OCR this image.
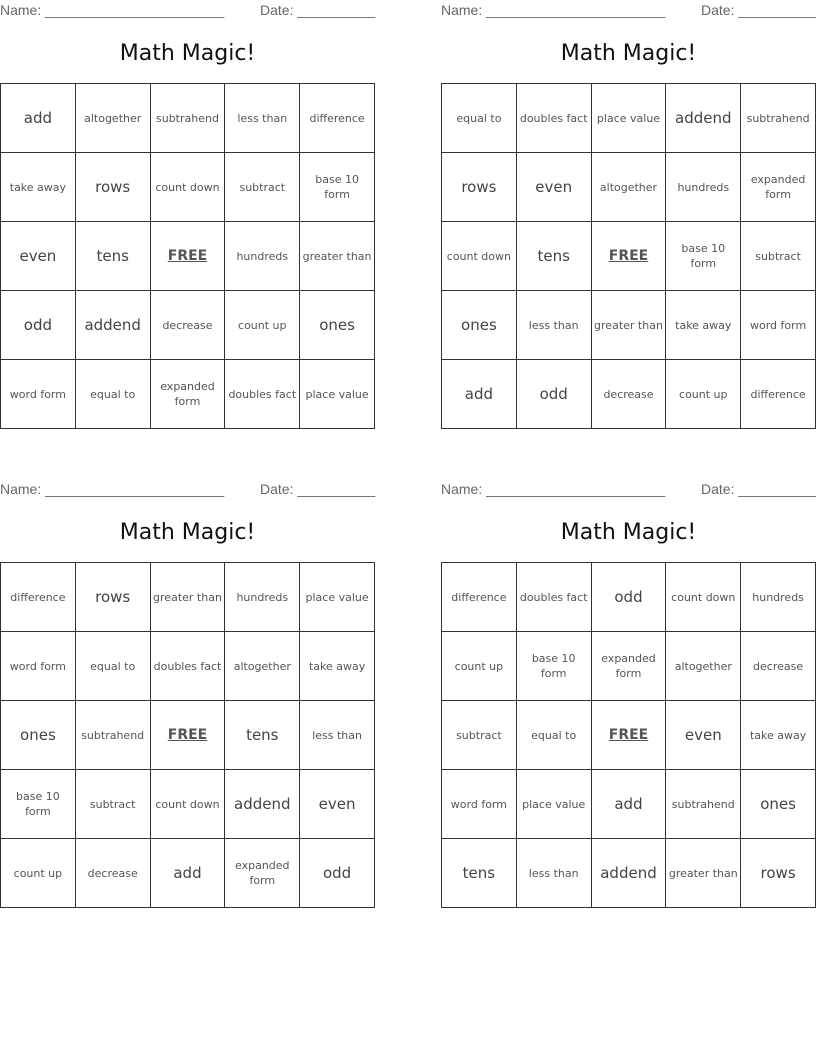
Name: _______________________	Date: __________
Math Magic!
add	altogether	subtrahend	less than	difference
take away	rows	count down	subtract	base 10 form
even	tens	FREE	hundreds	greater than
odd	addend	decrease	count up	ones
word form	equal to	expanded form	doubles fact	place value
Name: _______________________	Date: __________
Math Magic!
equal to	doubles fact	place value	addend	subtrahend
rows	even	altogether	hundreds	expanded form
count down	tens	FREE	base 10 form	subtract
ones	less than	greater than	take away	word form
add	odd	decrease	count up	difference
Name: _______________________	Date: __________
Math Magic!
difference	rows	greater than	hundreds	place value
word form	equal to	doubles fact	altogether	take away
ones	subtrahend	FREE	tens	less than
base 10 form	subtract	count down	addend	even
count up	decrease	add	expanded form	odd
Name: _______________________	Date: __________
Math Magic!
difference	doubles fact	odd	count down	hundreds
count up	base 10 form	expanded form	altogether	decrease
subtract	equal to	FREE	even	take away
word form	place value	add	subtrahend	ones
tens	less than	addend	greater than	rows
